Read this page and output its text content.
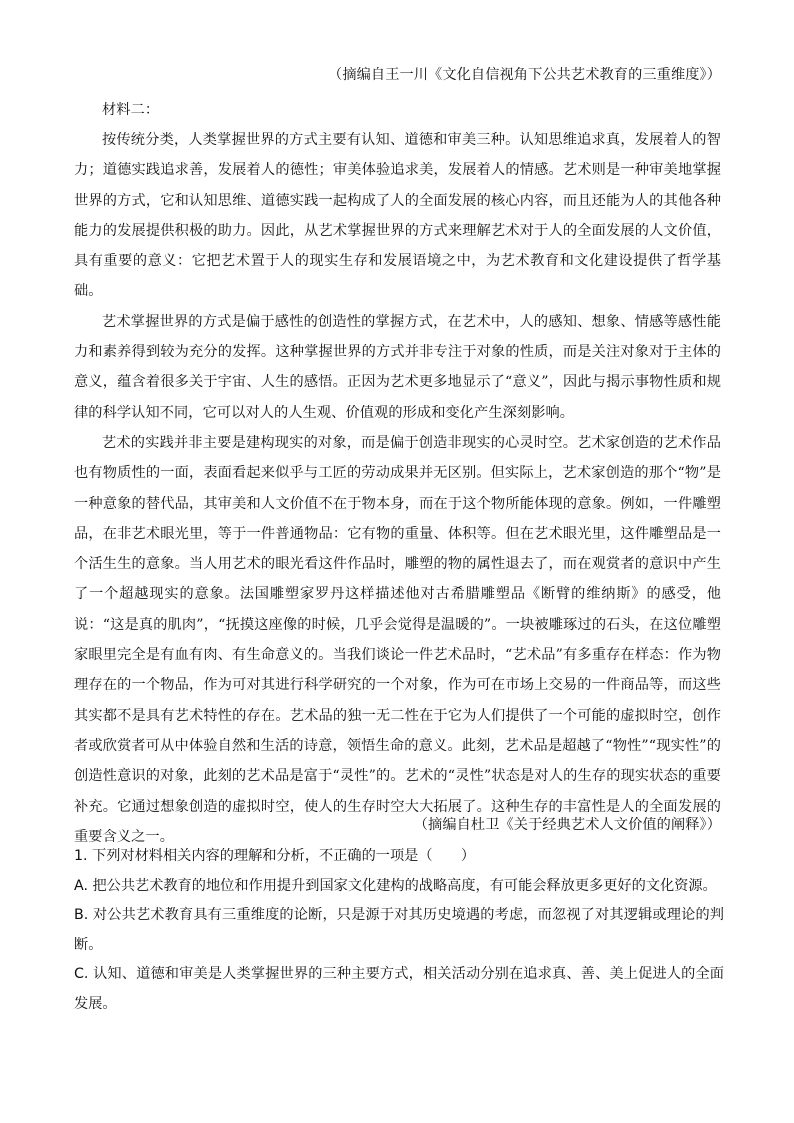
（摘编自王一川《文化自信视角下公共艺术教育的三重维度》）

材料二：

按传统分类，人类掌握世界的方式主要有认知、道德和审美三种。认知思维追求真，发展着人的智力；道德实践追求善，发展着人的德性；审美体验追求美，发展着人的情感。艺术则是一种审美地掌握世界的方式，它和认知思维、道德实践一起构成了人的全面发展的核心内容，而且还能为人的其他各种能力的发展提供积极的助力。因此，从艺术掌握世界的方式来理解艺术对于人的全面发展的人文价值，具有重要的意义：它把艺术置于人的现实生存和发展语境之中，为艺术教育和文化建设提供了哲学基础。

艺术掌握世界的方式是偏于感性的创造性的掌握方式，在艺术中，人的感知、想象、情感等感性能力和素养得到较为充分的发挥。这种掌握世界的方式并非专注于对象的性质，而是关注对象对于主体的意义，蕴含着很多关于宇宙、人生的感悟。正因为艺术更多地显示了“意义”，因此与揭示事物性质和规律的科学认知不同，它可以对人的人生观、价值观的形成和变化产生深刻影响。

艺术的实践并非主要是建构现实的对象，而是偏于创造非现实的心灵时空。艺术家创造的艺术作品也有物质性的一面，表面看起来似乎与工匠的劳动成果并无区别。但实际上，艺术家创造的那个“物”是一种意象的替代品，其审美和人文价值不在于物本身，而在于这个物所能体现的意象。例如，一件雕塑品，在非艺术眼光里，等于一件普通物品：它有物的重量、体积等。但在艺术眼光里，这件雕塑品是一个活生生的意象。当人用艺术的眼光看这件作品时，雕塑的物的属性退去了，而在观赏者的意识中产生了一个超越现实的意象。法国雕塑家罗丹这样描述他对古希腊雕塑品《断臂的维纳斯》的感受，他说：“这是真的肌肉”，“抚摸这座像的时候，几乎会觉得是温暖的”。一块被雕琢过的石头，在这位雕塑家眼里完全是有血有肉、有生命意义的。当我们谈论一件艺术品时，“艺术品”有多重存在样态：作为物理存在的一个物品，作为可对其进行科学研究的一个对象，作为可在市场上交易的一件商品等，而这些其实都不是具有艺术特性的存在。艺术品的独一无二性在于它为人们提供了一个可能的虚拟时空，创作者或欣赏者可从中体验自然和生活的诗意，领悟生命的意义。此刻，艺术品是超越了“物性”“现实性”的创造性意识的对象，此刻的艺术品是富于“灵性”的。艺术的“灵性”状态是对人的生存的现实状态的重要补充。它通过想象创造的虚拟时空，使人的生存时空大大拓展了。这种生存的丰富性是人的全面发展的重要含义之一。

（摘编自杜卫《关于经典艺术人文价值的阐释》）

1. 下列对材料相关内容的理解和分析，不正确的一项是（　　）

A. 把公共艺术教育的地位和作用提升到国家文化建构的战略高度，有可能会释放更多更好的文化资源。

B. 对公共艺术教育具有三重维度的论断，只是源于对其历史境遇的考虑，而忽视了对其逻辑或理论的判断。

C. 认知、道德和审美是人类掌握世界的三种主要方式，相关活动分别在追求真、善、美上促进人的全面发展。
